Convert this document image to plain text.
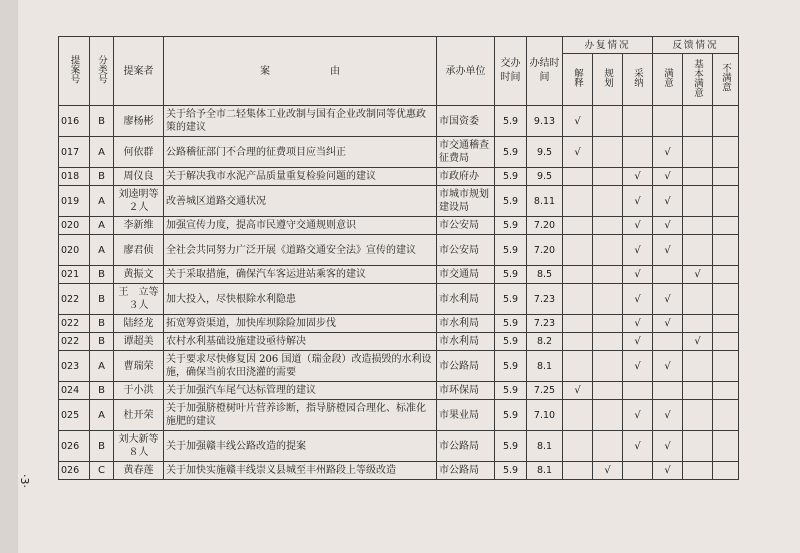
·3·
提案号	分类号	提案者	案　　　　　　由	承办单位	交办时间	办结时间	办复情况			反馈情况		
							解释	规划	采纳	满意	基本满意	不满意
016	B	廖杨彬	关于给予全市二轻集体工业改制与国有企业改制同等优惠政策的建议	市国资委	5.9	9.13	√					
017	A	何依群	公路稽征部门不合理的征费项目应当纠正	市交通稽查征费局	5.9	9.5	√			√		
018	B	周仪良	关于解决我市水泥产品质量重复检验问题的建议	市政府办	5.9	9.5			√	√		
019	A	刘逵明等２人	改善城区道路交通状况	市城市规划建设局	5.9	8.11			√	√		
020	A	李新维	加强宣传力度，提高市民遵守交通规则意识	市公安局	5.9	7.20			√	√		
020	A	廖君侦	全社会共同努力广泛开展《道路交通安全法》宣传的建议	市公安局	5.9	7.20			√	√		
021	B	黄振文	关于采取措施，确保汽车客运进站乘客的建议	市交通局	5.9	8.5			√		√	
022	B	王　立等３人	加大投入，尽快根除水利隐患	市水利局	5.9	7.23			√	√		
022	B	陆经龙	拓宽筹资渠道，加快库坝除险加固步伐	市水利局	5.9	7.23			√	√		
022	B	谭超美	农村水利基础设施建设亟待解决	市水利局	5.9	8.2			√		√	
023	A	曹瑞荣	关于要求尽快修复因 206 国道（瑞金段）改造损毁的水利设施，确保当前农田浇灌的需要	市公路局	5.9	8.1			√	√		
024	B	于小洪	关于加强汽车尾气达标管理的建议	市环保局	5.9	7.25	√					
025	A	杜开荣	关于加强脐橙树叶片营养诊断，指导脐橙园合理化、标准化施肥的建议	市果业局	5.9	7.10			√	√		
026	B	刘大新等８人	关于加强赣丰线公路改造的提案	市公路局	5.9	8.1			√	√		
026	C	黄春莲	关于加快实施赣丰线崇义县城至丰州路段上等级改造	市公路局	5.9	8.1		√		√		
